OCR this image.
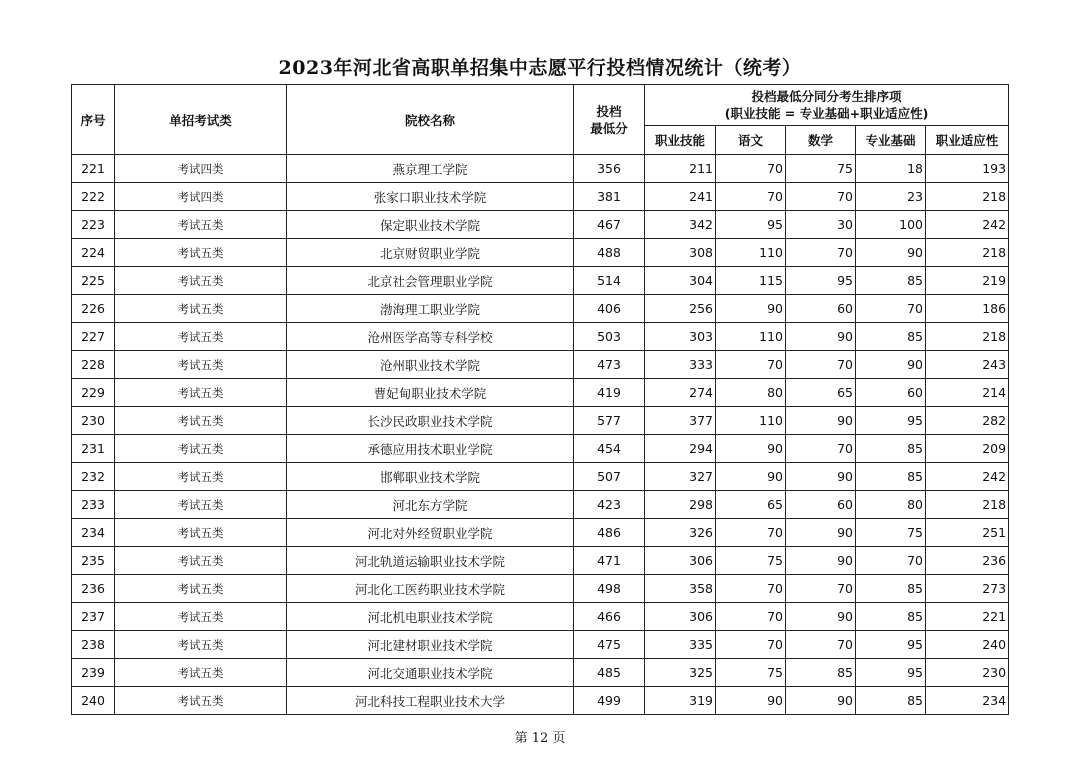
2023年河北省高职单招集中志愿平行投档情况统计（统考）
序号	单招考试类	院校名称	投档
最低分	投档最低分同分考生排序项
(职业技能 = 专业基础+职业适应性)				

				职业技能	语文	数学	专业基础	职业适应性
221	考试四类	燕京理工学院	356	211	70	75	18	193
222	考试四类	张家口职业技术学院	381	241	70	70	23	218
223	考试五类	保定职业技术学院	467	342	95	30	100	242
224	考试五类	北京财贸职业学院	488	308	110	70	90	218
225	考试五类	北京社会管理职业学院	514	304	115	95	85	219
226	考试五类	渤海理工职业学院	406	256	90	60	70	186
227	考试五类	沧州医学高等专科学校	503	303	110	90	85	218
228	考试五类	沧州职业技术学院	473	333	70	70	90	243
229	考试五类	曹妃甸职业技术学院	419	274	80	65	60	214
230	考试五类	长沙民政职业技术学院	577	377	110	90	95	282
231	考试五类	承德应用技术职业学院	454	294	90	70	85	209
232	考试五类	邯郸职业技术学院	507	327	90	90	85	242
233	考试五类	河北东方学院	423	298	65	60	80	218
234	考试五类	河北对外经贸职业学院	486	326	70	90	75	251
235	考试五类	河北轨道运输职业技术学院	471	306	75	90	70	236
236	考试五类	河北化工医药职业技术学院	498	358	70	70	85	273
237	考试五类	河北机电职业技术学院	466	306	70	90	85	221
238	考试五类	河北建材职业技术学院	475	335	70	70	95	240
239	考试五类	河北交通职业技术学院	485	325	75	85	95	230
240	考试五类	河北科技工程职业技术大学	499	319	90	90	85	234
第 12 页
